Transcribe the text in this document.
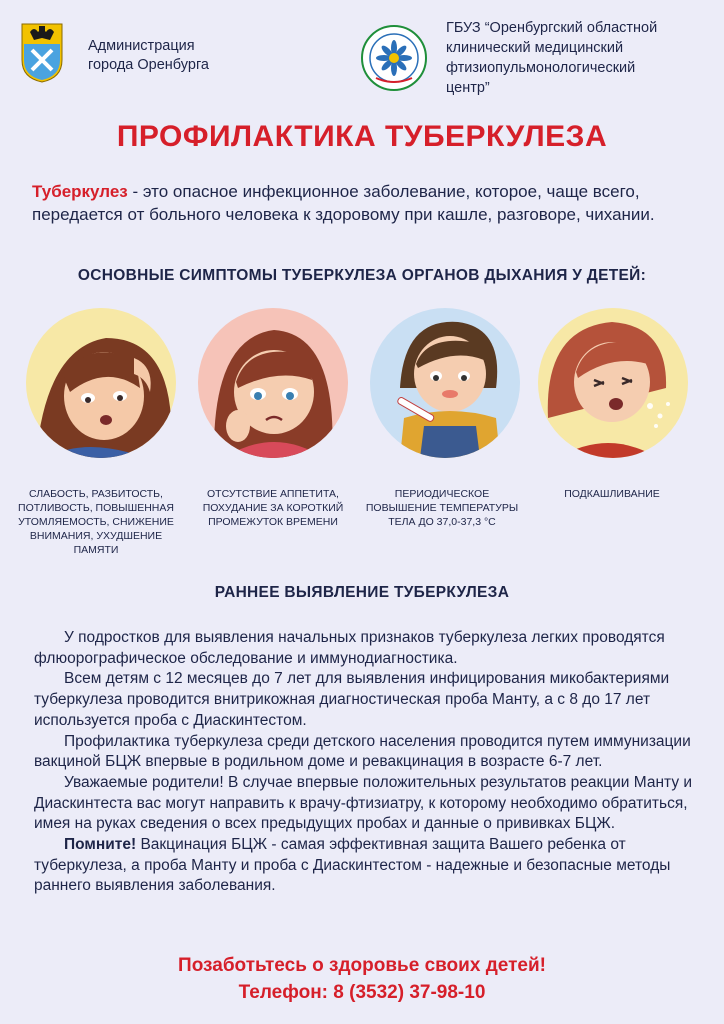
Администрация
города Оренбурга
ГБУЗ “Оренбургский областной
клинический медицинский
фтизиопульмонологический
центр”
ПРОФИЛАКТИКА ТУБЕРКУЛЕЗА
Туберкулез - это опасное инфекционное заболевание, которое, чаще всего, передается от больного человека к здоровому при кашле, разговоре, чихании.
ОСНОВНЫЕ СИМПТОМЫ ТУБЕРКУЛЕЗА ОРГАНОВ ДЫХАНИЯ У ДЕТЕЙ:
СЛАБОСТЬ, РАЗБИТОСТЬ, ПОТЛИВОСТЬ, ПОВЫШЕННАЯ УТОМЛЯЕМОСТЬ, СНИЖЕНИЕ ВНИМАНИЯ, УХУДШЕНИЕ ПАМЯТИ
ОТСУТСТВИЕ АППЕТИТА, ПОХУДАНИЕ ЗА КОРОТКИЙ ПРОМЕЖУТОК ВРЕМЕНИ
ПЕРИОДИЧЕСКОЕ ПОВЫШЕНИЕ ТЕМПЕРАТУРЫ ТЕЛА ДО 37,0-37,3 °С
ПОДКАШЛИВАНИЕ
РАННЕЕ ВЫЯВЛЕНИЕ ТУБЕРКУЛЕЗА

У подростков для выявления начальных признаков туберкулеза легких проводятся флюорографическое обследование и иммунодиагностика.

Всем детям с 12 месяцев до 7 лет для выявления инфицирования микобактериями туберкулеза проводится внитрикожная диагностическая проба Манту, а с 8 до 17 лет используется проба с Диаскинтестом.

Профилактика туберкулеза среди детского населения проводится путем иммунизации вакциной БЦЖ впервые в родильном доме и ревакцинация в возрасте 6-7 лет.

Уважаемые родители! В случае впервые положительных результатов реакции Манту и Диаскинтеста вас могут направить к врачу-фтизиатру, к которому необходимо обратиться, имея на руках сведения о всех предыдущих пробах и данные о прививках БЦЖ.

Помните! Вакцинация БЦЖ - самая эффективная защита Вашего ребенка от туберкулеза, а проба Манту и проба с Диаскинтестом - надежные и безопасные методы раннего выявления заболевания.

Позаботьтесь о здоровье своих детей!
Телефон: 8 (3532) 37-98-10
